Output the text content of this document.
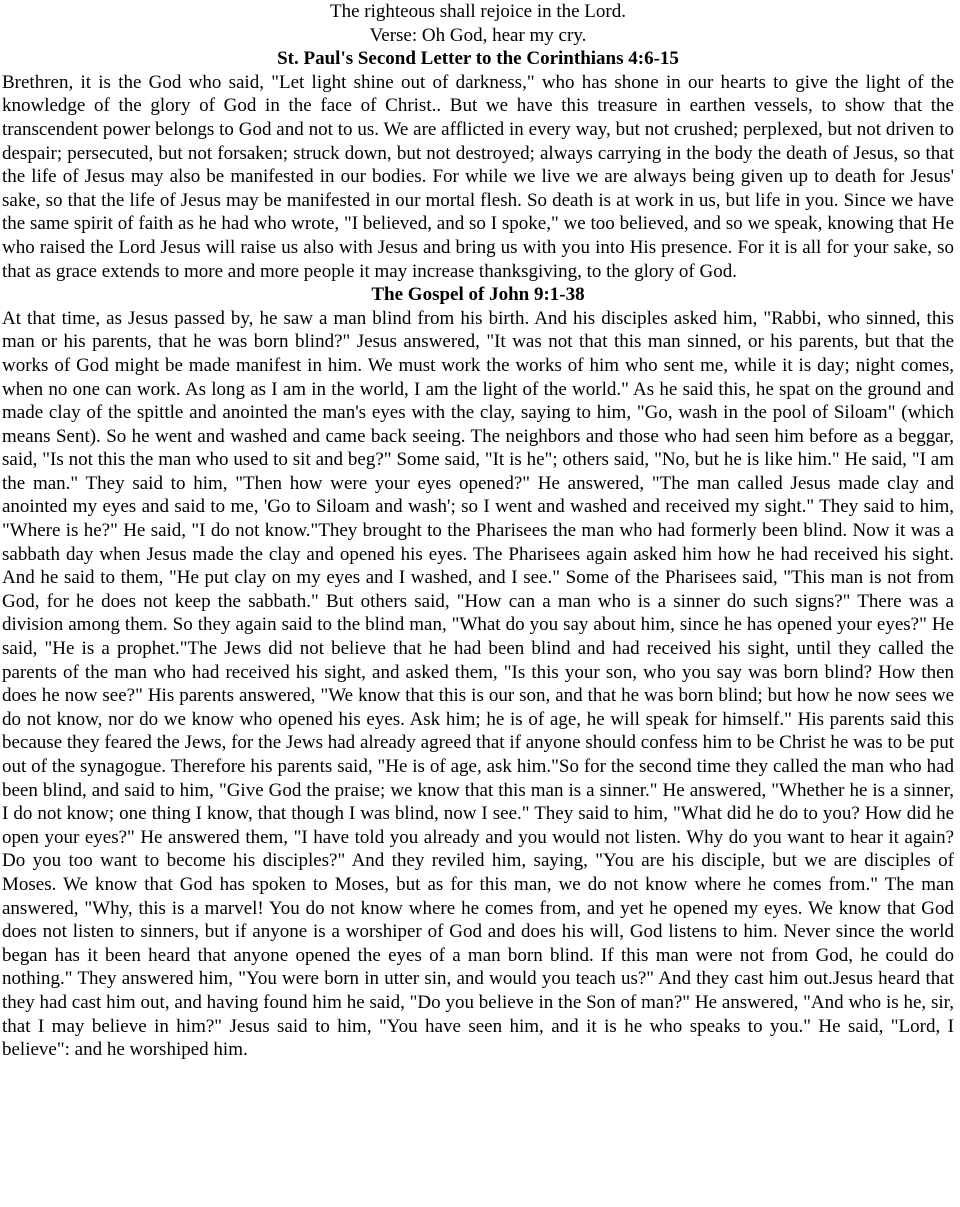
The righteous shall rejoice in the Lord.
Verse: Oh God, hear my cry.
St. Paul's Second Letter to the Corinthians 4:6-15

Brethren, it is the God who said, "Let light shine out of darkness," who has shone in our hearts to give the light of the knowledge of the glory of God in the face of Christ.. But we have this treasure in earthen vessels, to show that the transcendent power belongs to God and not to us. We are afflicted in every way, but not crushed; perplexed, but not driven to despair; persecuted, but not forsaken; struck down, but not destroyed; always carrying in the body the death of Jesus, so that the life of Jesus may also be manifested in our bodies. For while we live we are always being given up to death for Jesus' sake, so that the life of Jesus may be manifested in our mortal flesh. So death is at work in us, but life in you. Since we have the same spirit of faith as he had who wrote, "I believed, and so I spoke," we too believed, and so we speak, knowing that He who raised the Lord Jesus will raise us also with Jesus and bring us with you into His presence. For it is all for your sake, so that as grace extends to more and more people it may increase thanksgiving, to the glory of God.

The Gospel of John 9:1-38

At that time, as Jesus passed by, he saw a man blind from his birth. And his disciples asked him, "Rabbi, who sinned, this man or his parents, that he was born blind?" Jesus answered, "It was not that this man sinned, or his parents, but that the works of God might be made manifest in him. We must work the works of him who sent me, while it is day; night comes, when no one can work. As long as I am in the world, I am the light of the world." As he said this, he spat on the ground and made clay of the spittle and anointed the man's eyes with the clay, saying to him, "Go, wash in the pool of Siloam" (which means Sent). So he went and washed and came back seeing. The neighbors and those who had seen him before as a beggar, said, "Is not this the man who used to sit and beg?" Some said, "It is he"; others said, "No, but he is like him." He said, "I am the man." They said to him, "Then how were your eyes opened?" He answered, "The man called Jesus made clay and anointed my eyes and said to me, 'Go to Siloam and wash'; so I went and washed and received my sight." They said to him, "Where is he?" He said, "I do not know."They brought to the Pharisees the man who had formerly been blind. Now it was a sabbath day when Jesus made the clay and opened his eyes. The Pharisees again asked him how he had received his sight. And he said to them, "He put clay on my eyes and I washed, and I see." Some of the Pharisees said, "This man is not from God, for he does not keep the sabbath." But others said, "How can a man who is a sinner do such signs?" There was a division among them. So they again said to the blind man, "What do you say about him, since he has opened your eyes?" He said, "He is a prophet."The Jews did not believe that he had been blind and had received his sight, until they called the parents of the man who had received his sight, and asked them, "Is this your son, who you say was born blind? How then does he now see?" His parents answered, "We know that this is our son, and that he was born blind; but how he now sees we do not know, nor do we know who opened his eyes. Ask him; he is of age, he will speak for himself." His parents said this because they feared the Jews, for the Jews had already agreed that if anyone should confess him to be Christ he was to be put out of the synagogue. Therefore his parents said, "He is of age, ask him."So for the second time they called the man who had been blind, and said to him, "Give God the praise; we know that this man is a sinner." He answered, "Whether he is a sinner, I do not know; one thing I know, that though I was blind, now I see." They said to him, "What did he do to you? How did he open your eyes?" He answered them, "I have told you already and you would not listen. Why do you want to hear it again? Do you too want to become his disciples?" And they reviled him, saying, "You are his disciple, but we are disciples of Moses. We know that God has spoken to Moses, but as for this man, we do not know where he comes from." The man answered, "Why, this is a marvel! You do not know where he comes from, and yet he opened my eyes. We know that God does not listen to sinners, but if anyone is a worshiper of God and does his will, God listens to him. Never since the world began has it been heard that anyone opened the eyes of a man born blind. If this man were not from God, he could do nothing." They answered him, "You were born in utter sin, and would you teach us?" And they cast him out.Jesus heard that they had cast him out, and having found him he said, "Do you believe in the Son of man?" He answered, "And who is he, sir, that I may believe in him?" Jesus said to him, "You have seen him, and it is he who speaks to you." He said, "Lord, I believe": and he worshiped him.
